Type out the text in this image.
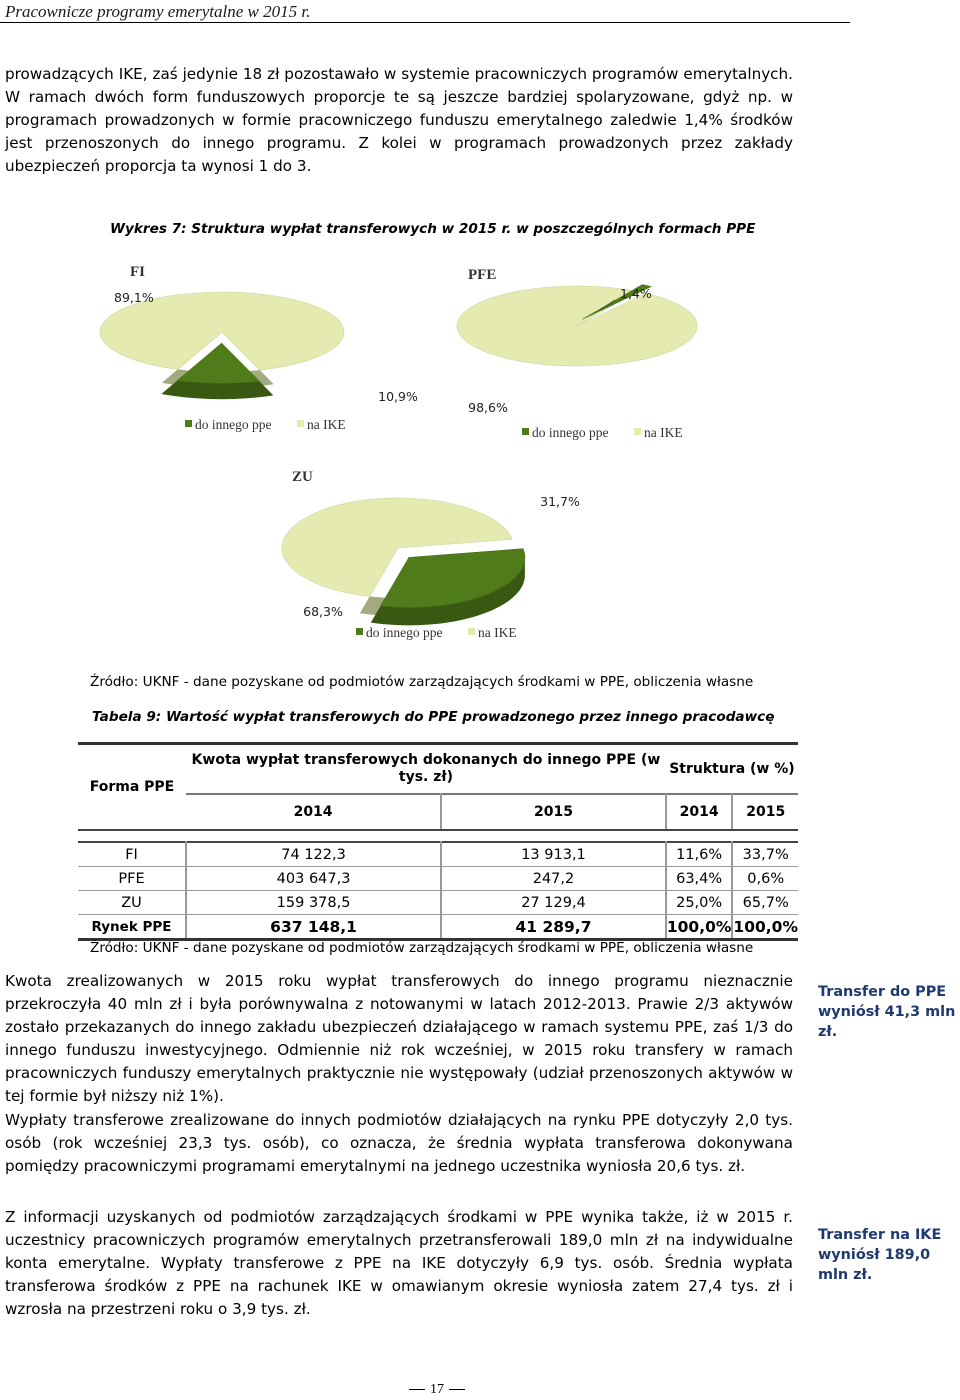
Pracownicze programy emerytalne w 2015 r.
prowadzących IKE, zaś jedynie 18 zł pozostawało w systemie pracowniczych programów emerytalnych. W ramach dwóch form funduszowych proporcje te są jeszcze bardziej spolaryzowane, gdyż np. w programach prowadzonych w formie pracowniczego funduszu emerytalnego zaledwie 1,4% środków jest przenoszonych do innego programu. Z kolei w programach prowadzonych przez zakłady ubezpieczeń proporcja ta wynosi 1 do 3.
Wykres 7: Struktura wypłat transferowych w 2015 r. w poszczególnych formach PPE
FI
10,9%
89,1%
do innego ppe	na IKE
PFE
1,4%
98,6%
do innego ppe	na IKE
ZU
31,7%
68,3%
do innego ppe	na IKE
Źródło: UKNF - dane pozyskane od podmiotów zarządzających środkami w PPE, obliczenia własne
Tabela 9: Wartość wypłat transferowych do PPE prowadzonego przez innego pracodawcę
Forma PPE	Kwota wypłat transferowych dokonanych do innego PPE (w tys. zł)		Struktura (w %)	
	2014	2015	2014	2015

FI	74 122,3	13 913,1	11,6%	33,7%
PFE	403 647,3	247,2	63,4%	0,6%
ZU	159 378,5	27 129,4	25,0%	65,7%
Rynek PPE	637 148,1	41 289,7	100,0%	100,0%
Źródło: UKNF - dane pozyskane od podmiotów zarządzających środkami w PPE, obliczenia własne
Kwota zrealizowanych w 2015 roku wypłat transferowych do innego programu nieznacznie przekroczyła 40 mln zł i była porównywalna z notowanymi w latach 2012-2013. Prawie 2/3 aktywów zostało przekazanych do innego zakładu ubezpieczeń działającego w ramach systemu PPE, zaś 1/3 do innego funduszu inwestycyjnego. Odmiennie niż rok wcześniej, w 2015 roku transfery w ramach pracowniczych funduszy emerytalnych praktycznie nie występowały (udział przenoszonych aktywów w tej formie był niższy niż 1%).
Wypłaty transferowe zrealizowane do innych podmiotów działających na rynku PPE dotyczyły 2,0 tys. osób (rok wcześniej 23,3 tys. osób), co oznacza, że średnia wypłata transferowa dokonywana pomiędzy pracowniczymi programami emerytalnymi na jednego uczestnika wyniosła 20,6 tys. zł.
Z informacji uzyskanych od podmiotów zarządzających środkami w PPE wynika także, iż w 2015 r. uczestnicy pracowniczych programów emerytalnych przetransferowali 189,0 mln zł na indywidualne konta emerytalne. Wypłaty transferowe z PPE na IKE dotyczyły 6,9 tys. osób. Średnia wypłata transferowa środków z PPE na rachunek IKE w omawianym okresie wyniosła zatem 27,4 tys. zł i wzrosła na przestrzeni roku o 3,9 tys. zł.
Transfer do PPE wyniósł 41,3 mln zł.
Transfer na IKE wyniósł 189,0 mln zł.
17
